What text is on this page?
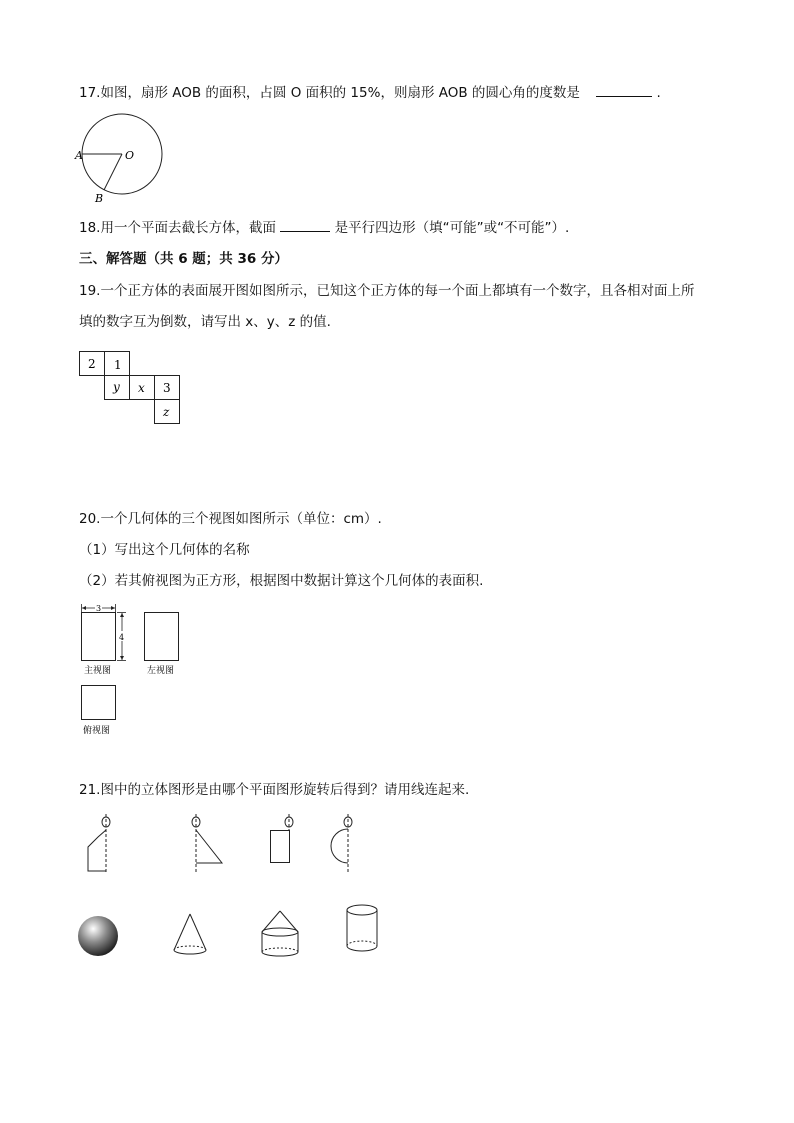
17.如图，扇形 AOB 的面积，占圆 O 面积的 15%，则扇形 AOB 的圆心角的度数是	.
A	O
B
18.用一个平面去截长方体，截面	是平行四边形（填“可能”或“不可能”）.
三、解答题（共 6 题；共 36 分）
19.一个正方体的表面展开图如图所示，已知这个正方体的每一个面上都填有一个数字，且各相对面上所
填的数字互为倒数，请写出 x、y、z 的值.
2 1
y x 3
z
20.一个几何体的三个视图如图所示（单位：cm）.
（1）写出这个几何体的名称
（2）若其俯视图为正方形，根据图中数据计算这个几何体的表面积.
3
4
主视图	左视图
俯视图
21.图中的立体图形是由哪个平面图形旋转后得到？请用线连起来.
